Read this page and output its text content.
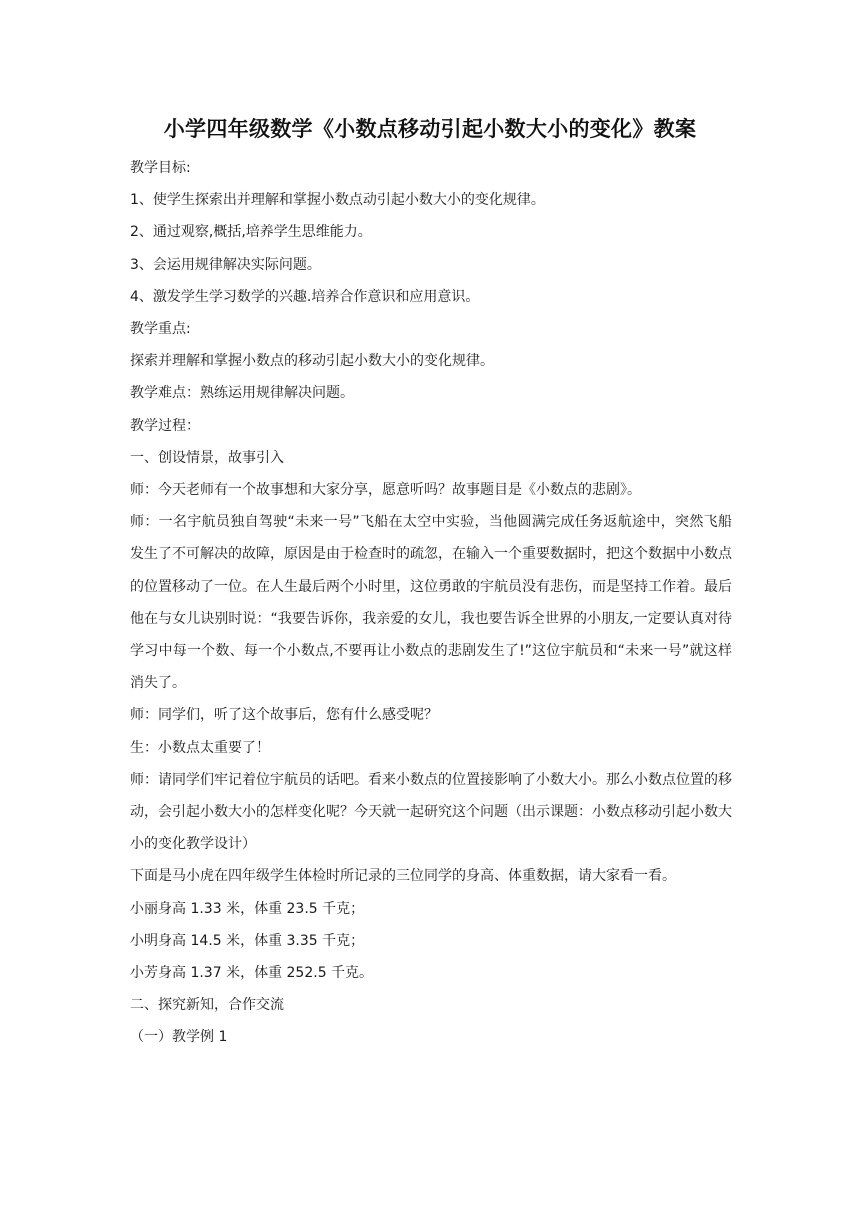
小学四年级数学《小数点移动引起小数大小的变化》教案

教学目标:

1、使学生探索出并理解和掌握小数点动引起小数大小的变化规律。

2、通过观察,概括,培养学生思维能力。

3、会运用规律解决实际问题。

4、激发学生学习数学的兴趣.培养合作意识和应用意识。

教学重点:

探索并理解和掌握小数点的移动引起小数大小的变化规律。

教学难点：熟练运用规律解决问题。

教学过程：

一、创设情景，故事引入

师：今天老师有一个故事想和大家分享，愿意听吗？故事题目是《小数点的悲剧》。

师：一名宇航员独自驾驶“未来一号”飞船在太空中实验，当他圆满完成任务返航途中，突然飞船发生了不可解决的故障，原因是由于检查时的疏忽，在输入一个重要数据时，把这个数据中小数点的位置移动了一位。在人生最后两个小时里，这位勇敢的宇航员没有悲伤，而是坚持工作着。最后他在与女儿诀别时说：“我要告诉你，我亲爱的女儿，我也要告诉全世界的小朋友,一定要认真对待学习中每一个数、每一个小数点,不要再让小数点的悲剧发生了!”这位宇航员和“未来一号”就这样消失了。

师：同学们，听了这个故事后，您有什么感受呢？

生：小数点太重要了！

师：请同学们牢记着位宇航员的话吧。看来小数点的位置接影响了小数大小。那么小数点位置的移动，会引起小数大小的怎样变化呢？今天就一起研究这个问题（出示课题：小数点移动引起小数大小的变化教学设计）

下面是马小虎在四年级学生体检时所记录的三位同学的身高、体重数据，请大家看一看。

小丽身高 1.33 米，体重 23.5 千克；

小明身高 14.5 米，体重 3.35 千克；

小芳身高 1.37 米，体重 252.5 千克。

二、探究新知，合作交流

（一）教学例 1
